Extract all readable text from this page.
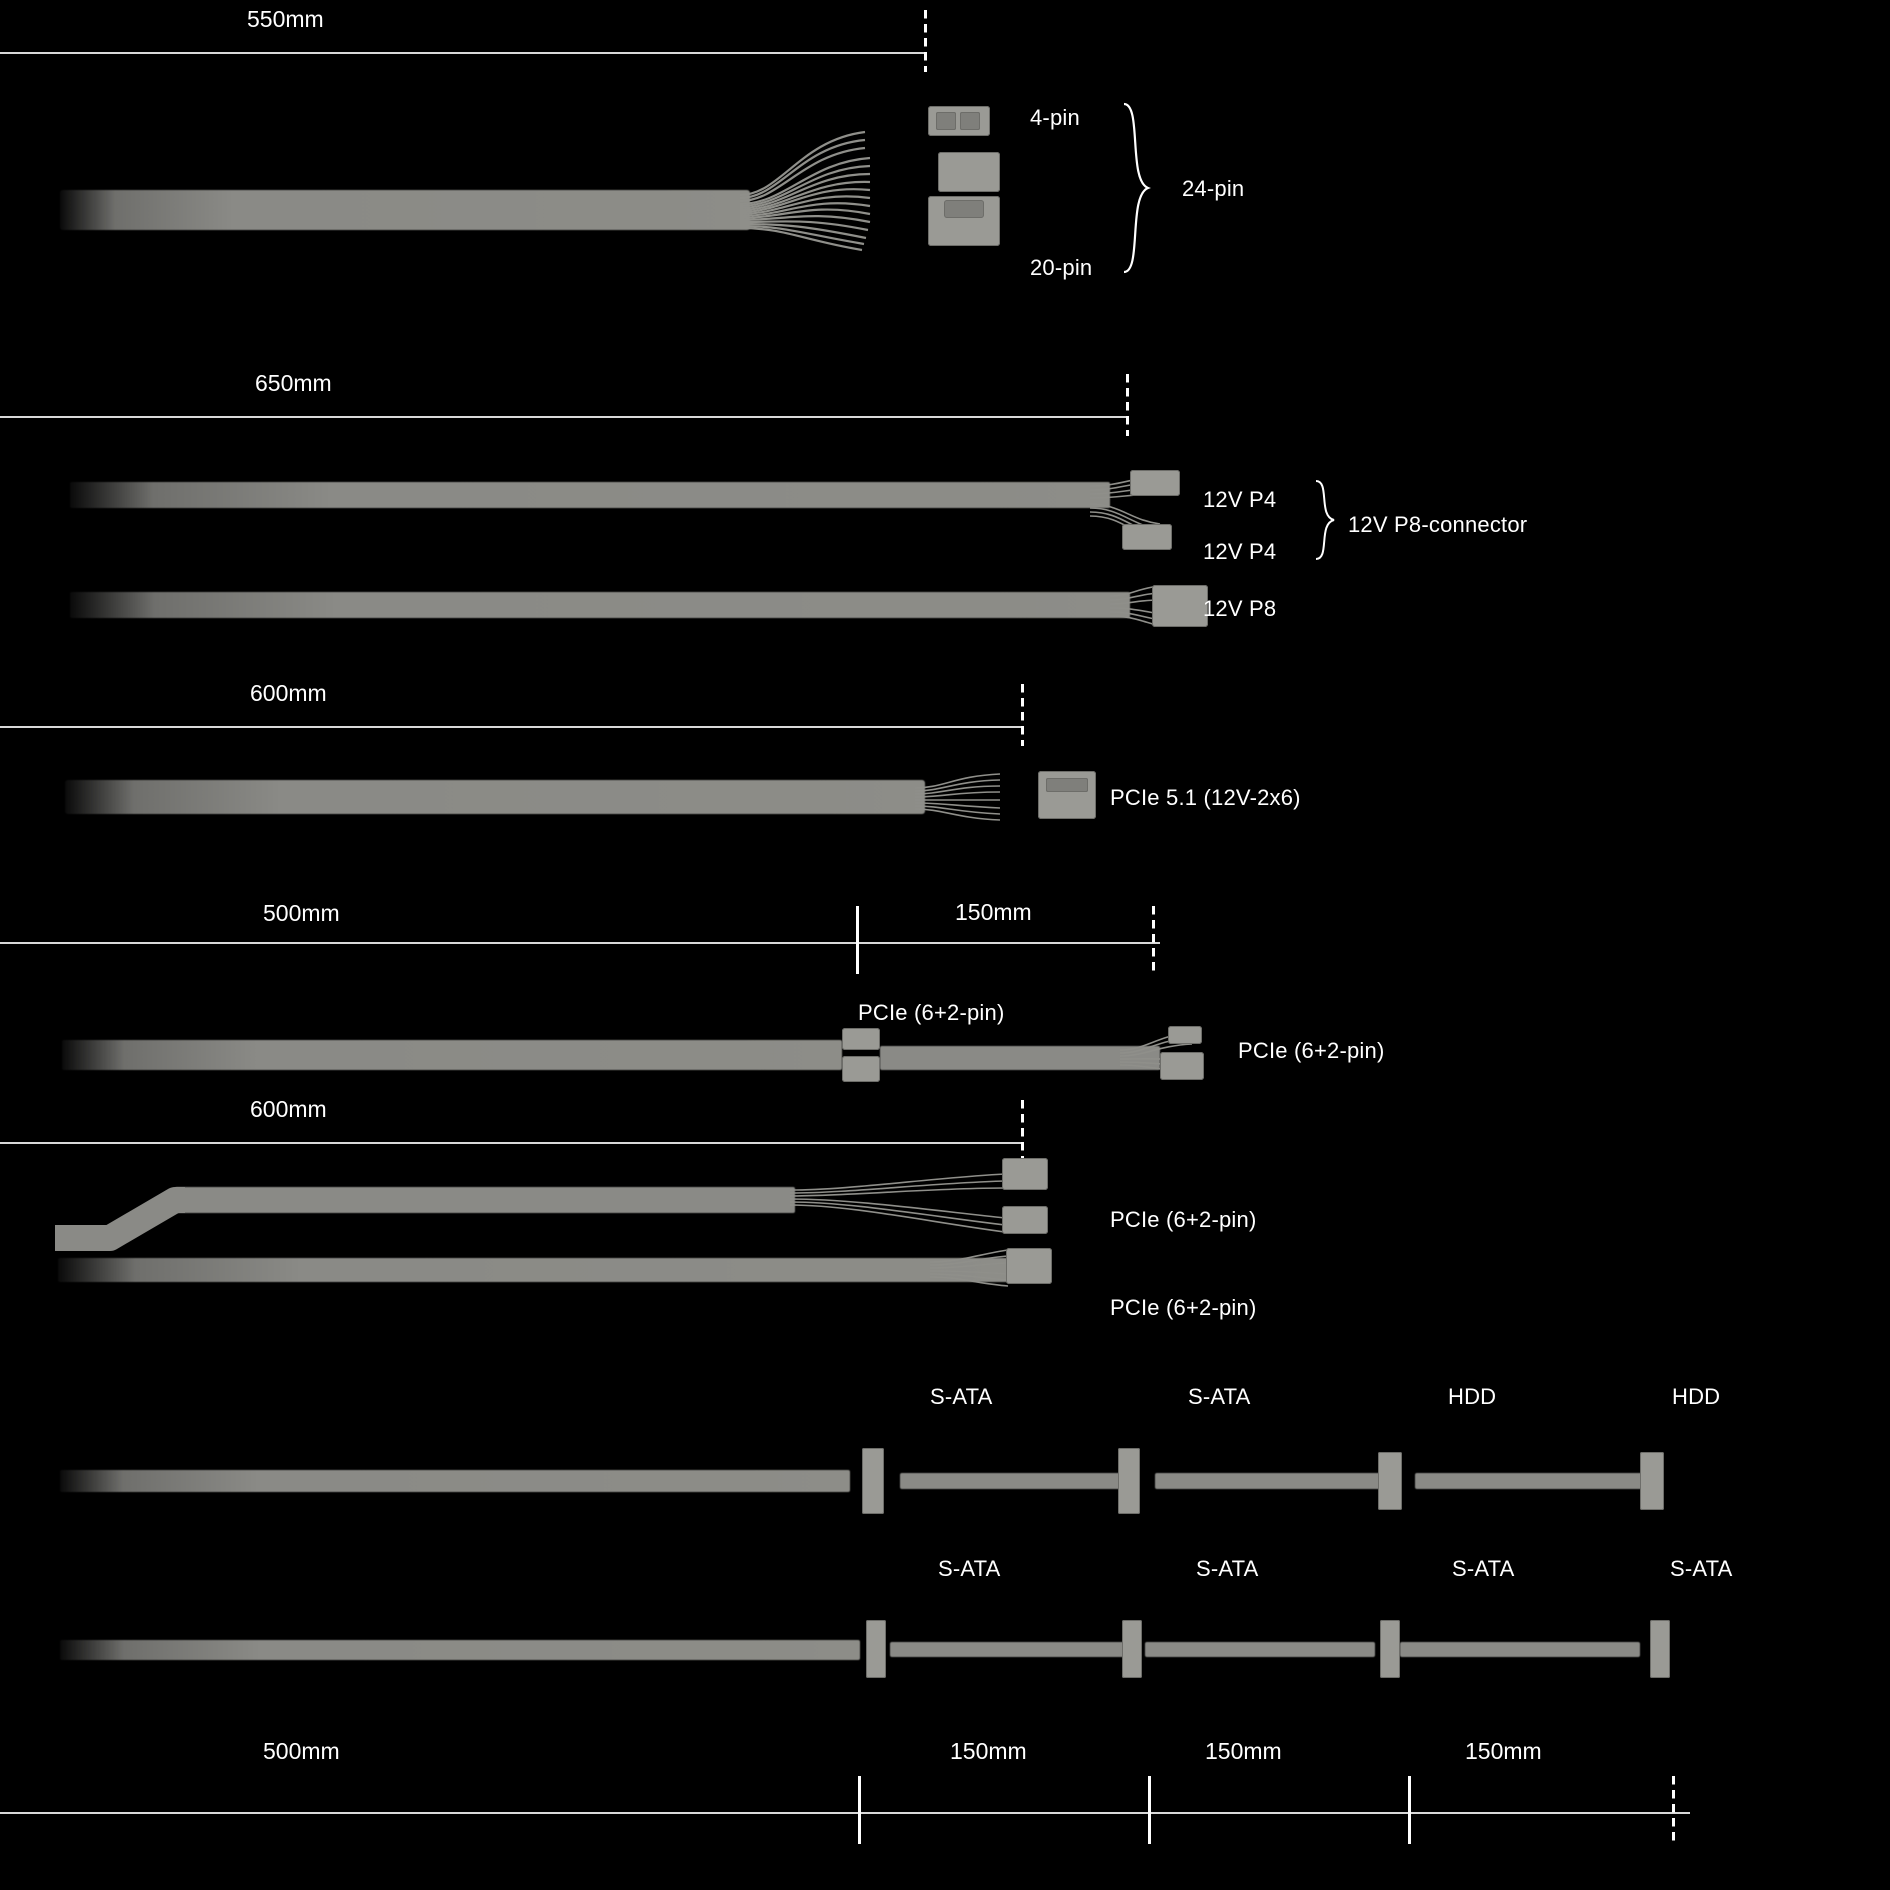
550mm
4-pin
20-pin
24-pin
650mm
12V P4
12V P4
12V P8-connector
12V P8
600mm
PCIe 5.1 (12V-2x6)
500mm	150mm
PCIe (6+2-pin)
PCIe (6+2-pin)
600mm
PCIe (6+2-pin)
PCIe (6+2-pin)
S-ATA	S-ATA	HDD	HDD
S-ATA	S-ATA	S-ATA	S-ATA
500mm	150mm	150mm	150mm
